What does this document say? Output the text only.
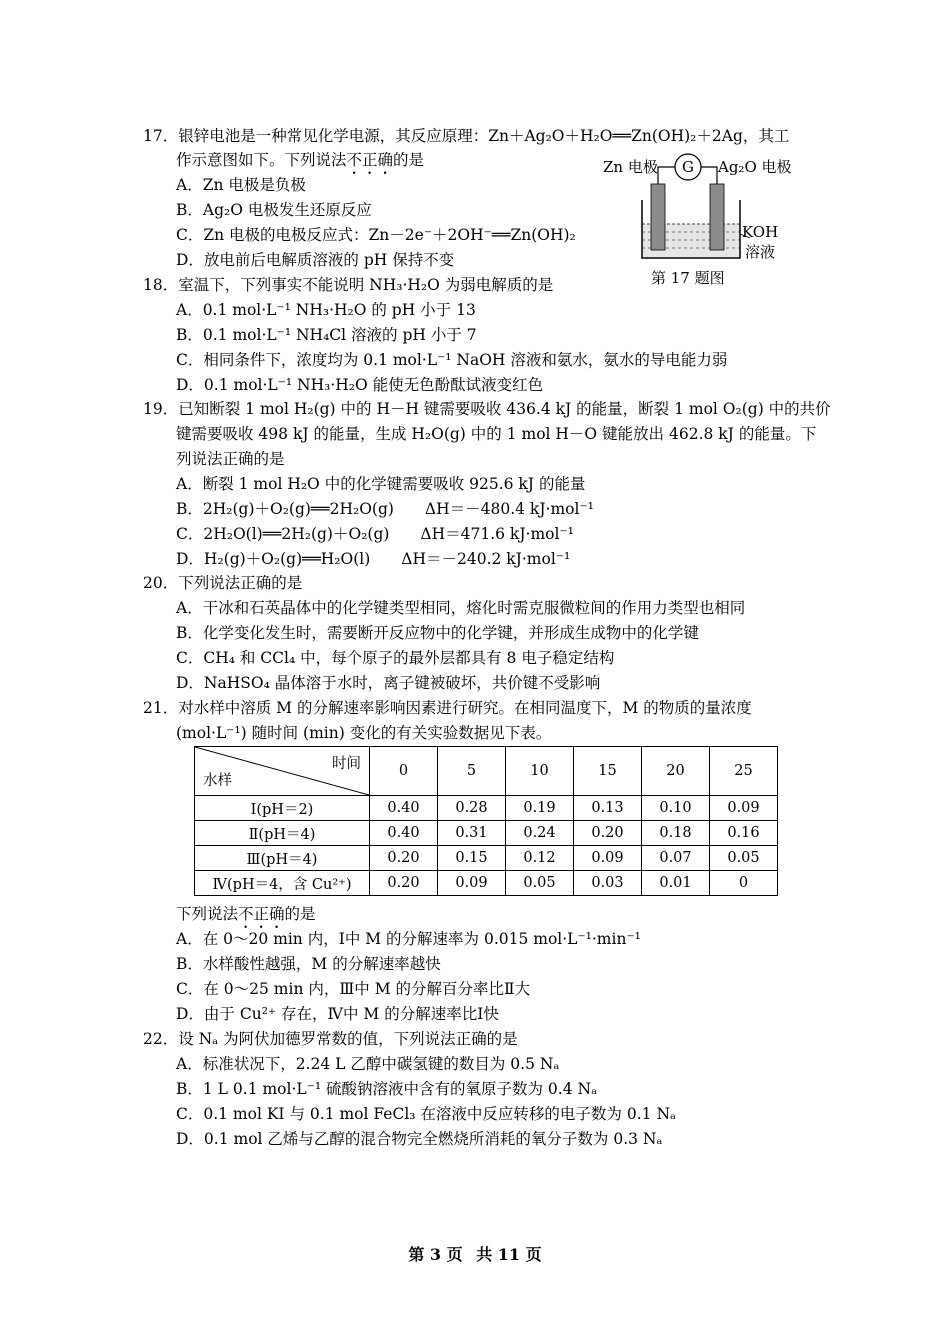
17．银锌电池是一种常见化学电源，其反应原理：Zn＋Ag₂O＋H₂O══Zn(OH)₂＋2Ag，其工
作示意图如下。下列说法不正确的是
A．Zn 电极是负极
B．Ag₂O 电极发生还原反应
C．Zn 电极的电极反应式：Zn－2e⁻＋2OH⁻══Zn(OH)₂
D．放电前后电解质溶液的 pH 保持不变
Zn 电极 G Ag₂O 电极
KOH
溶液
第 17 题图
18．室温下，下列事实不能说明 NH₃·H₂O 为弱电解质的是
A．0.1 mol·L⁻¹ NH₃·H₂O 的 pH 小于 13
B．0.1 mol·L⁻¹ NH₄Cl 溶液的 pH 小于 7
C．相同条件下，浓度均为 0.1 mol·L⁻¹ NaOH 溶液和氨水，氨水的导电能力弱
D．0.1 mol·L⁻¹ NH₃·H₂O 能使无色酚酞试液变红色
19．已知断裂 1 mol H₂(g) 中的 H－H 键需要吸收 436.4 kJ 的能量，断裂 1 mol O₂(g) 中的共价
键需要吸收 498 kJ 的能量，生成 H₂O(g) 中的 1 mol H－O 键能放出 462.8 kJ 的能量。下
列说法正确的是
A．断裂 1 mol H₂O 中的化学键需要吸收 925.6 kJ 的能量
B．2H₂(g)＋O₂(g)══2H₂O(g)　　ΔH＝－480.4 kJ·mol⁻¹
C．2H₂O(l)══2H₂(g)＋O₂(g)　　ΔH＝471.6 kJ·mol⁻¹
D．H₂(g)＋O₂(g)══H₂O(l)　　ΔH＝－240.2 kJ·mol⁻¹
20．下列说法正确的是
A．干冰和石英晶体中的化学键类型相同，熔化时需克服微粒间的作用力类型也相同
B．化学变化发生时，需要断开反应物中的化学键，并形成生成物中的化学键
C．CH₄ 和 CCl₄ 中，每个原子的最外层都具有 8 电子稳定结构
D．NaHSO₄ 晶体溶于水时，离子键被破坏，共价键不受影响
21．对水样中溶质 M 的分解速率影响因素进行研究。在相同温度下，M 的物质的量浓度
(mol·L⁻¹) 随时间 (min) 变化的有关实验数据见下表。
时间
水样	0	5	10	15	20	25
Ⅰ(pH＝2)	0.40	0.28	0.19	0.13	0.10	0.09
Ⅱ(pH＝4)	0.40	0.31	0.24	0.20	0.18	0.16
Ⅲ(pH＝4)	0.20	0.15	0.12	0.09	0.07	0.05
Ⅳ(pH＝4，含 Cu²⁺)	0.20	0.09	0.05	0.03	0.01	0
下列说法不正确的是
A．在 0～20 min 内，Ⅰ中 M 的分解速率为 0.015 mol·L⁻¹·min⁻¹
B．水样酸性越强，M 的分解速率越快
C．在 0～25 min 内，Ⅲ中 M 的分解百分率比Ⅱ大
D．由于 Cu²⁺ 存在，Ⅳ中 M 的分解速率比Ⅰ快
22．设 Nₐ 为阿伏加德罗常数的值，下列说法正确的是
A．标准状况下，2.24 L 乙醇中碳氢键的数目为 0.5 Nₐ
B．1 L 0.1 mol·L⁻¹ 硫酸钠溶液中含有的氧原子数为 0.4 Nₐ
C．0.1 mol KI 与 0.1 mol FeCl₃ 在溶液中反应转移的电子数为 0.1 Nₐ
D．0.1 mol 乙烯与乙醇的混合物完全燃烧所消耗的氧分子数为 0.3 Nₐ
第 3 页 共 11 页
